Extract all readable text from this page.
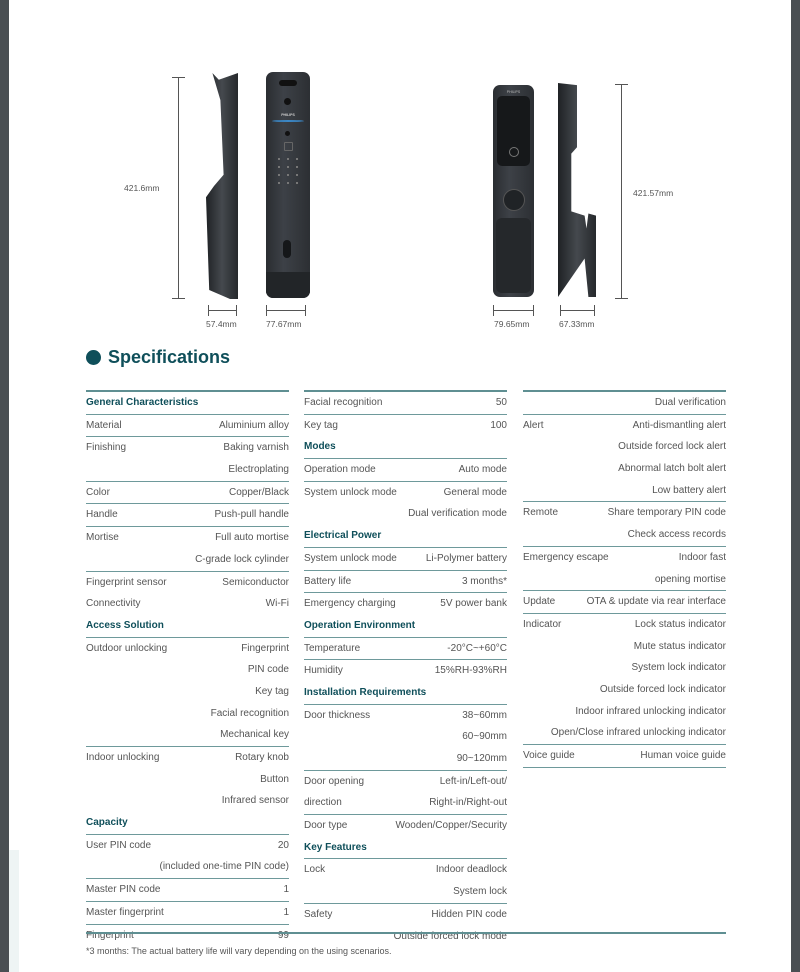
421.6mm
PHILIPS
57.4mm	77.67mm
PHILIPS
421.57mm
79.65mm	67.33mm
Specifications
General Characteristics
Material	Aluminium alloy
Finishing	Baking varnish
Electroplating
Color	Copper/Black
Handle	Push-pull handle
Mortise	Full auto mortise
C-grade lock cylinder
Fingerprint sensor	Semiconductor
Connectivity	Wi-Fi
Access Solution
Outdoor unlocking	Fingerprint
PIN code
Key tag
Facial recognition
Mechanical key
Indoor unlocking	Rotary knob
Button
Infrared sensor
Capacity
User PIN code	20
(included one-time PIN code)
Master PIN code	1
Master fingerprint	1
Fingerprint	99
Facial recognition	50
Key tag	100
Modes
Operation mode	Auto mode
System unlock mode	General mode
Dual verification mode
Electrical Power
System unlock mode	Li-Polymer battery
Battery life	3 months*
Emergency charging	5V power bank
Operation Environment
Temperature	-20°C~+60°C
Humidity	15%RH-93%RH
Installation Requirements
Door thickness	38~60mm
60~90mm
90~120mm
Door opening	Left-in/Left-out/
direction	Right-in/Right-out
Door type	Wooden/Copper/Security
Key Features
Lock	Indoor deadlock
System lock
Safety	Hidden PIN code
Outside forced lock mode
Dual verification
Alert	Anti-dismantling alert
Outside forced lock alert
Abnormal latch bolt alert
Low battery alert
Remote	Share temporary PIN code
Check access records
Emergency escape	Indoor fast
opening mortise
Update	OTA & update via rear interface
Indicator	Lock status indicator
Mute status indicator
System lock indicator
Outside forced lock indicator
Indoor infrared unlocking indicator
Open/Close infrared unlocking indicator
Voice guide	Human voice guide
*3 months: The actual battery life will vary depending on the using scenarios.
